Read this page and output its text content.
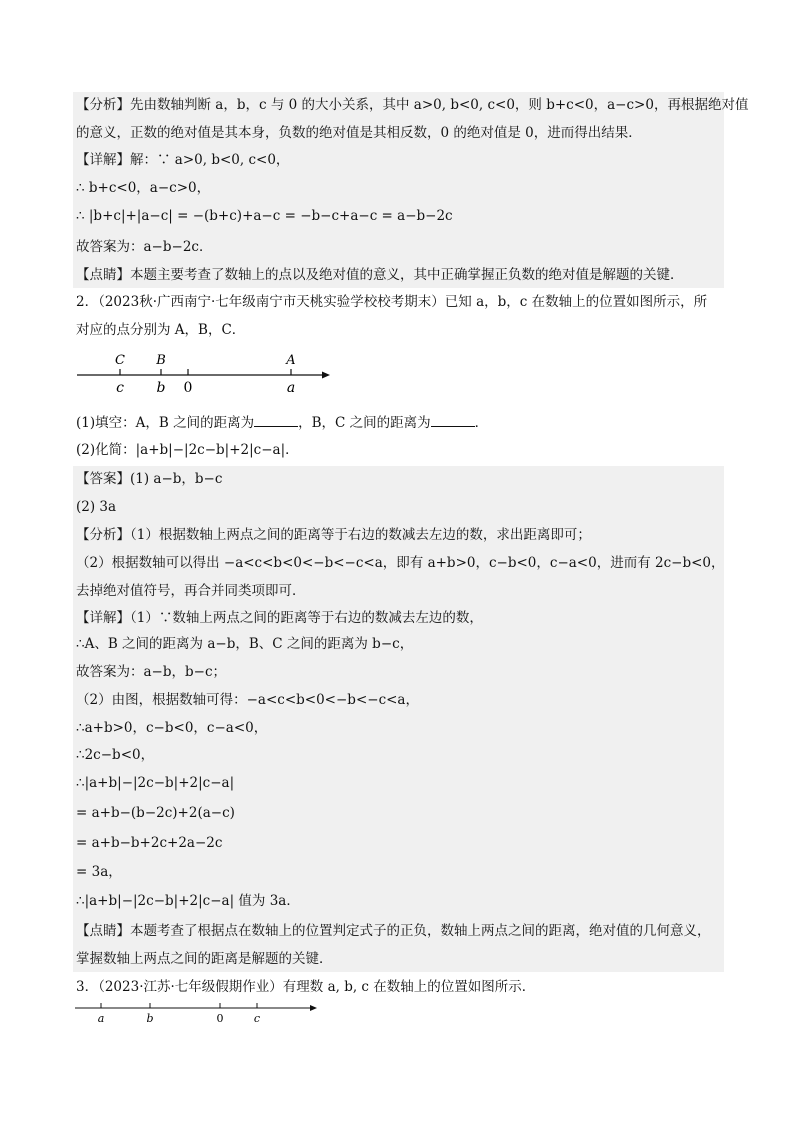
【分析】先由数轴判断 a，b，c 与 0 的大小关系，其中 a>0, b<0, c<0，则 b+c<0，a−c>0，再根据绝对值
的意义，正数的绝对值是其本身，负数的绝对值是其相反数，0 的绝对值是 0，进而得出结果．
【详解】解：∵ a>0, b<0, c<0，
∴ b+c<0，a−c>0，
∴ |b+c|+|a−c| = −(b+c)+a−c = −b−c+a−c = a−b−2c
故答案为：a−b−2c．
【点睛】本题主要考查了数轴上的点以及绝对值的意义，其中正确掌握正负数的绝对值是解题的关键．
2．（2023秋·广西南宁·七年级南宁市天桃实验学校校考期末）已知 a，b，c 在数轴上的位置如图所示，所
对应的点分别为 A，B，C．
C B	A
c b 0	a
(1)填空：A，B 之间的距离为	，B，C 之间的距离为	．
(2)化简：|a+b|−|2c−b|+2|c−a|．
【答案】(1) a−b，b−c
(2) 3a
【分析】（1）根据数轴上两点之间的距离等于右边的数减去左边的数，求出距离即可；
（2）根据数轴可以得出 −a<c<b<0<−b<−c<a，即有 a+b>0，c−b<0，c−a<0，进而有 2c−b<0，
去掉绝对值符号，再合并同类项即可．
【详解】（1）∵数轴上两点之间的距离等于右边的数减去左边的数，
∴A、B 之间的距离为 a−b，B、C 之间的距离为 b−c，
故答案为：a−b，b−c；
（2）由图，根据数轴可得：−a<c<b<0<−b<−c<a，
∴a+b>0，c−b<0，c−a<0，
∴2c−b<0，
∴|a+b|−|2c−b|+2|c−a|
= a+b−(b−2c)+2(a−c)
= a+b−b+2c+2a−2c
= 3a，
∴|a+b|−|2c−b|+2|c−a| 值为 3a．
【点睛】本题考查了根据点在数轴上的位置判定式子的正负，数轴上两点之间的距离，绝对值的几何意义，
掌握数轴上两点之间的距离是解题的关键．
3．（2023·江苏·七年级假期作业）有理数 a, b, c 在数轴上的位置如图所示．
a	b	0	c
